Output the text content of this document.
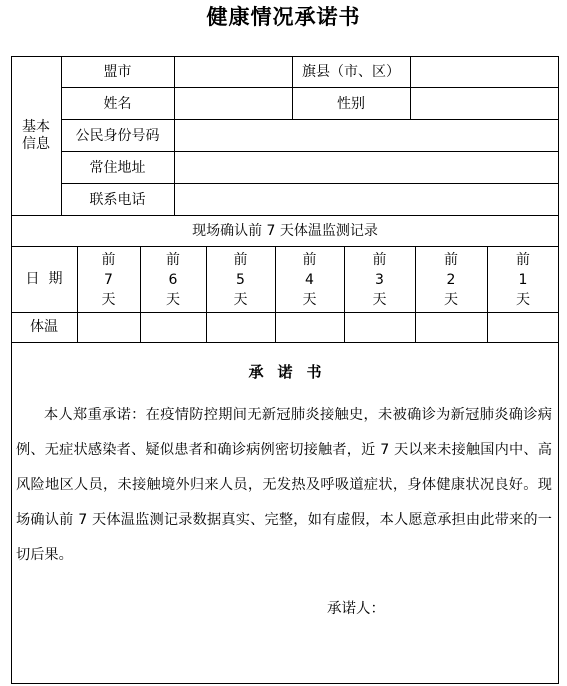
健康情况承诺书
基本
信息
盟市	旗县（市、区）
姓名	性别
公民身份号码
常住地址
联系电话
现场确认前 7 天体温监测记录
日  期
前
7
天
前
6
天
前
5
天
前
4
天
前
3
天
前
2
天
前
1
天
体温
承诺书
本人郑重承诺：在疫情防控期间无新冠肺炎接触史，未被确诊为新冠肺炎确诊病例、无症状感染者、疑似患者和确诊病例密切接触者，近 7 天以来未接触国内中、高风险地区人员，未接触境外归来人员，无发热及呼吸道症状，身体健康状况良好。现场确认前 7 天体温监测记录数据真实、完整，如有虚假，本人愿意承担由此带来的一切后果。
承诺人：
